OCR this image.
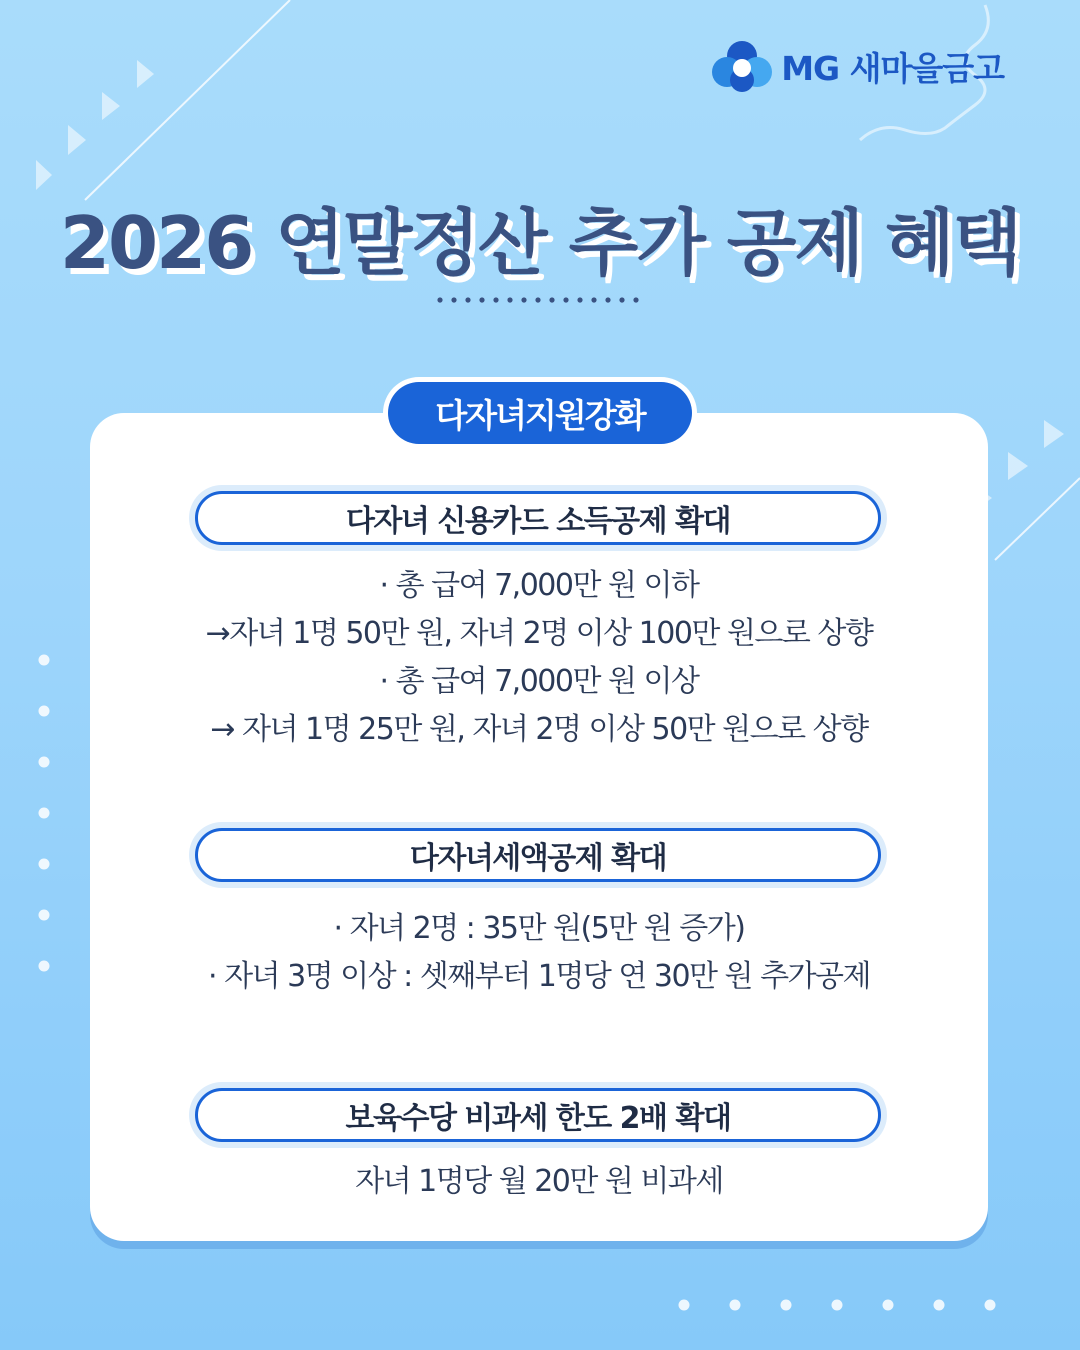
MG 새마을금고
2026 연말정산 추가 공제 혜택
다자녀지원강화
다자녀 신용카드 소득공제 확대
· 총 급여 7,000만 원 이하
→자녀 1명 50만 원, 자녀 2명 이상 100만 원으로 상향
· 총 급여 7,000만 원 이상
→ 자녀 1명 25만 원, 자녀 2명 이상 50만 원으로 상향
다자녀세액공제 확대
· 자녀 2명 : 35만 원(5만 원 증가)
· 자녀 3명 이상 : 셋째부터 1명당 연 30만 원 추가공제
보육수당 비과세 한도 2배 확대
자녀 1명당 월 20만 원 비과세
